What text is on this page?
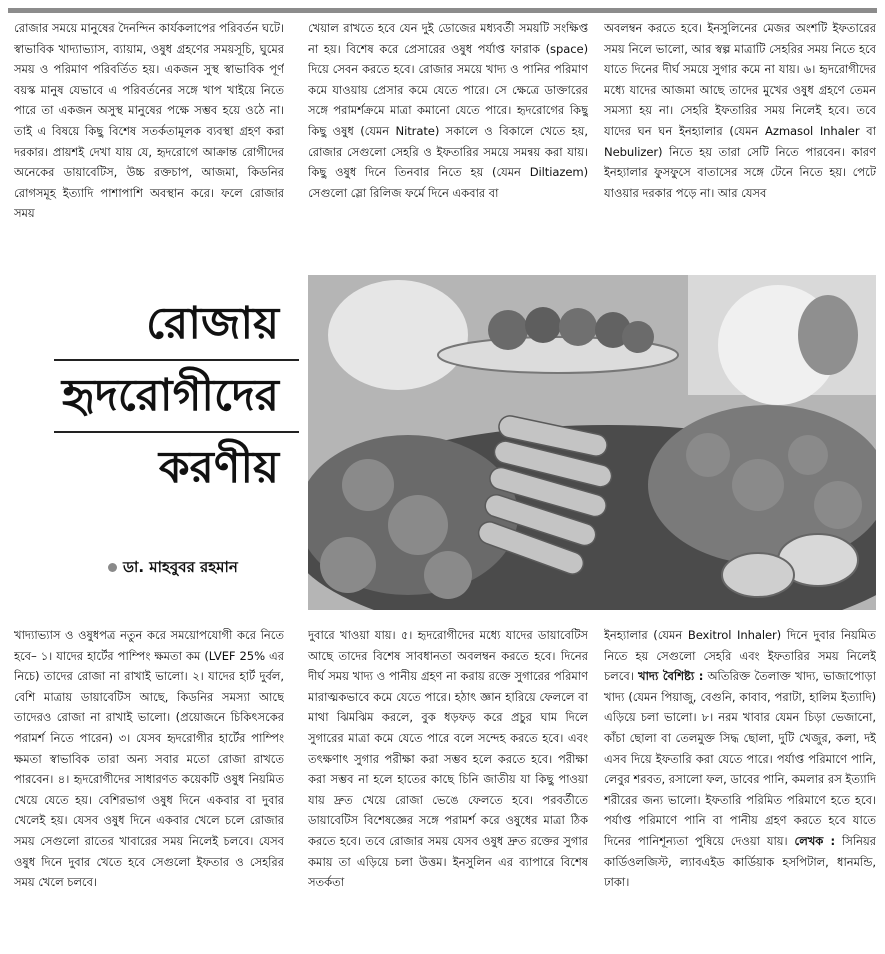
রোজার সময়ে মানুষের দৈনন্দিন কার্যকলাপের পরিবর্তন ঘটে। স্বাভাবিক খাদ্যাভ্যাস, ব্যায়াম, ওষুধ গ্রহণের সময়সূচি, ঘুমের সময় ও পরিমাণ পরিবর্তিত হয়। একজন সুস্থ স্বাভাবিক পূর্ণ বয়স্ক মানুষ যেভাবে এ পরিবর্তনের সঙ্গে খাপ খাইয়ে নিতে পারে তা একজন অসুস্থ মানুষের পক্ষে সম্ভব হয়ে ওঠে না। তাই এ বিষয়ে কিছু বিশেষ সতর্কতামূলক ব্যবস্থা গ্রহণ করা দরকার। প্রায়শই দেখা যায় যে, হৃদরোগে আক্রান্ত রোগীদের অনেকের ডায়াবেটিস, উচ্চ রক্তচাপ, আজমা, কিডনির রোগসমূহ ইত্যাদি পাশাপাশি অবস্থান করে। ফলে রোজার সময়

খেয়াল রাখতে হবে যেন দুই ডোজের মধ্যবর্তী সময়টি সংক্ষিপ্ত না হয়। বিশেষ করে প্রেসারের ওষুধ পর্যাপ্ত ফারাক (space) দিয়ে সেবন করতে হবে। রোজার সময়ে খাদ্য ও পানির পরিমাণ কমে যাওয়ায় প্রেসার কমে যেতে পারে। সে ক্ষেত্রে ডাক্তারের সঙ্গে পরামর্শক্রমে মাত্রা কমানো যেতে পারে। হৃদরোগের কিছু কিছু ওষুধ (যেমন Nitrate) সকালে ও বিকালে খেতে হয়, রোজার সেগুলো সেহরি ও ইফতারির সময়ে সমন্বয় করা যায়। কিছু ওষুধ দিনে তিনবার নিতে হয় (যেমন Diltiazem) সেগুলো স্লো রিলিজ ফর্মে দিনে একবার বা

অবলম্বন করতে হবে। ইনসুলিনের মেজর অংশটি ইফতারের সময় নিলে ভালো, আর স্বল্প মাত্রাটি সেহরির সময় নিতে হবে যাতে দিনের দীর্ঘ সময়ে সুগার কমে না যায়। ৬। হৃদরোগীদের মধ্যে যাদের আজমা আছে তাদের মুখের ওষুধ গ্রহণে তেমন সমস্যা হয় না। সেহরি ইফতারির সময় নিলেই হবে। তবে যাদের ঘন ঘন ইনহ্যালার (যেমন Azmasol Inhaler বা Nebulizer) নিতে হয় তারা সেটি নিতে পারবেন। কারণ ইনহ্যালার ফুসফুসে বাতাসের সঙ্গে টেনে নিতে হয়। পেটে যাওয়ার দরকার পড়ে না। আর যেসব

রোজায়
হৃদরোগীদের
করণীয়
ডা. মাহবুবর রহমান

খাদ্যাভ্যাস ও ওষুধপত্র নতুন করে সময়োপযোগী করে নিতে হবে– ১। যাদের হার্টের পাম্পিং ক্ষমতা কম (LVEF 25% এর নিচে) তাদের রোজা না রাখাই ভালো। ২। যাদের হার্ট দুর্বল, বেশি মাত্রায় ডায়াবেটিস আছে, কিডনির সমস্যা আছে তাদেরও রোজা না রাখাই ভালো। (প্রয়োজনে চিকিৎসকের পরামর্শ নিতে পারেন) ৩। যেসব হৃদরোগীর হার্টের পাম্পিং ক্ষমতা স্বাভাবিক তারা অন্য সবার মতো রোজা রাখতে পারবেন। ৪। হৃদরোগীদের সাধারণত কয়েকটি ওষুধ নিয়মিত খেয়ে যেতে হয়। বেশিরভাগ ওষুধ দিনে একবার বা দুবার খেলেই হয়। যেসব ওষুধ দিনে একবার খেলে চলে রোজার সময় সেগুলো রাতের খাবারের সময় নিলেই চলবে। যেসব ওষুধ দিনে দুবার খেতে হবে সেগুলো ইফতার ও সেহরির সময় খেলে চলবে।

দুবারে খাওয়া যায়। ৫। হৃদরোগীদের মধ্যে যাদের ডায়াবেটিস আছে তাদের বিশেষ সাবধানতা অবলম্বন করতে হবে। দিনের দীর্ঘ সময় খাদ্য ও পানীয় গ্রহণ না করায় রক্তে সুগারের পরিমাণ মারাত্মকভাবে কমে যেতে পারে। হঠাৎ জ্ঞান হারিয়ে ফেললে বা মাথা ঝিমঝিম করলে, বুক ধড়ফড় করে প্রচুর ঘাম দিলে সুগারের মাত্রা কমে যেতে পারে বলে সন্দেহ করতে হবে। এবং তৎক্ষণাৎ সুগার পরীক্ষা করা সম্ভব হলে করতে হবে। পরীক্ষা করা সম্ভব না হলে হাতের কাছে চিনি জাতীয় যা কিছু পাওয়া যায় দ্রুত খেয়ে রোজা ভেঙে ফেলতে হবে। পরবর্তীতে ডায়াবেটিস বিশেষজ্ঞের সঙ্গে পরামর্শ করে ওষুধের মাত্রা ঠিক করতে হবে। তবে রোজার সময় যেসব ওষুধ দ্রুত রক্তের সুগার কমায় তা এড়িয়ে চলা উত্তম। ইনসুলিন এর ব্যাপারে বিশেষ সতর্কতা

ইনহ্যালার (যেমন Bexitrol Inhaler) দিনে দুবার নিয়মিত নিতে হয় সেগুলো সেহরি এবং ইফতারির সময় নিলেই চলবে। খাদ্য বৈশিষ্ট্য : অতিরিক্ত তৈলাক্ত খাদ্য, ভাজাপোড়া খাদ্য (যেমন পিয়াজু, বেগুনি, কাবাব, পরাটা, হালিম ইত্যাদি) এড়িয়ে চলা ভালো। ৮। নরম খাবার যেমন চিড়া ভেজানো, কাঁচা ছোলা বা তেলমুক্ত সিদ্ধ ছোলা, দুটি খেজুর, কলা, দই এসব দিয়ে ইফতারি করা যেতে পারে। পর্যাপ্ত পরিমাণে পানি, লেবুর শরবত, রসালো ফল, ডাবের পানি, কমলার রস ইত্যাদি শরীরের জন্য ভালো। ইফতারি পরিমিত পরিমাণে হতে হবে। পর্যাপ্ত পরিমাণে পানি বা পানীয় গ্রহণ করতে হবে যাতে দিনের পানিশূন্যতা পুষিয়ে দেওয়া যায়। লেখক : সিনিয়র কার্ডিওলজিস্ট, ল্যাবএইড কার্ডিয়াক হসপিটাল, ধানমন্ডি, ঢাকা।
